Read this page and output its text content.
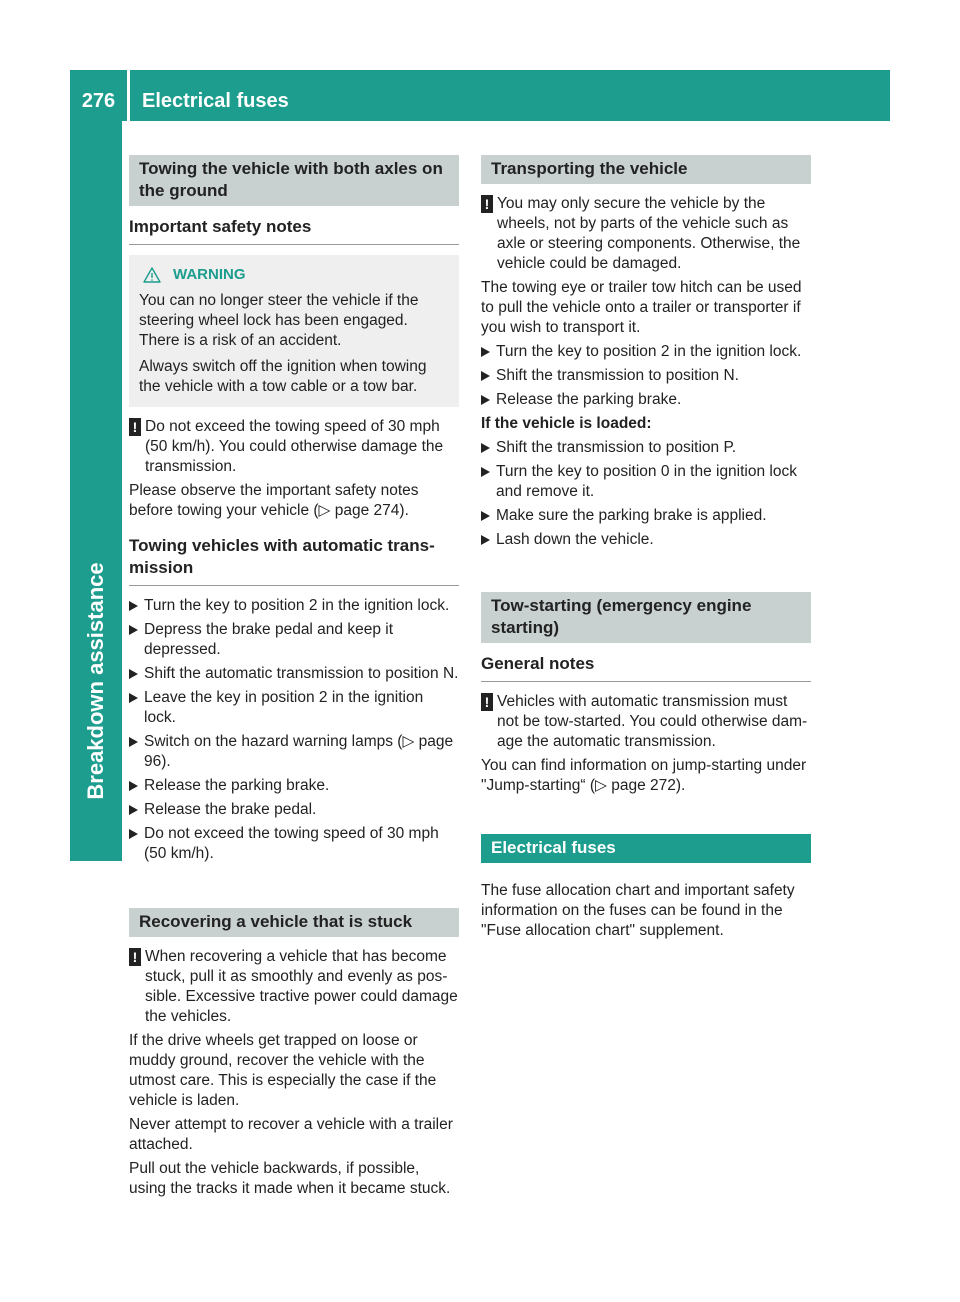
276	Electrical fuses
Breakdown assistance
Towing the vehicle with both axles on the ground
Important safety notes
WARNING

You can no longer steer the vehicle if the steering wheel lock has been engaged. There is a risk of an accident.

Always switch off the ignition when towing the vehicle with a tow cable or a tow bar.

! Do not exceed the towing speed of 30 mph (50 km/h). You could otherwise damage the transmission.

Please observe the important safety notes before towing your vehicle (▷ page 274).

Towing vehicles with automatic trans-mission
Turn the key to position 2 in the ignition lock.
Depress the brake pedal and keep it depressed.
Shift the automatic transmission to position N.
Leave the key in position 2 in the ignition lock.
Switch on the hazard warning lamps (▷ page 96).
Release the parking brake.
Release the brake pedal.
Do not exceed the towing speed of 30 mph (50 km/h).
Recovering a vehicle that is stuck
! When recovering a vehicle that has become stuck, pull it as smoothly and evenly as pos-sible. Excessive tractive power could damage the vehicles.

If the drive wheels get trapped on loose or muddy ground, recover the vehicle with the utmost care. This is especially the case if the vehicle is laden.

Never attempt to recover a vehicle with a trailer attached.

Pull out the vehicle backwards, if possible, using the tracks it made when it became stuck.

Transporting the vehicle
! You may only secure the vehicle by the wheels, not by parts of the vehicle such as axle or steering components. Otherwise, the vehicle could be damaged.

The towing eye or trailer tow hitch can be used to pull the vehicle onto a trailer or transporter if you wish to transport it.

Turn the key to position 2 in the ignition lock.
Shift the transmission to position N.
Release the parking brake.
If the vehicle is loaded:
Shift the transmission to position P.
Turn the key to position 0 in the ignition lock and remove it.
Make sure the parking brake is applied.
Lash down the vehicle.
Tow-starting (emergency engine starting)
General notes
! Vehicles with automatic transmission must not be tow-started. You could otherwise dam-age the automatic transmission.

You can find information on jump-starting under "Jump-starting“ (▷ page 272).

Electrical fuses

The fuse allocation chart and important safety information on the fuses can be found in the "Fuse allocation chart" supplement.
